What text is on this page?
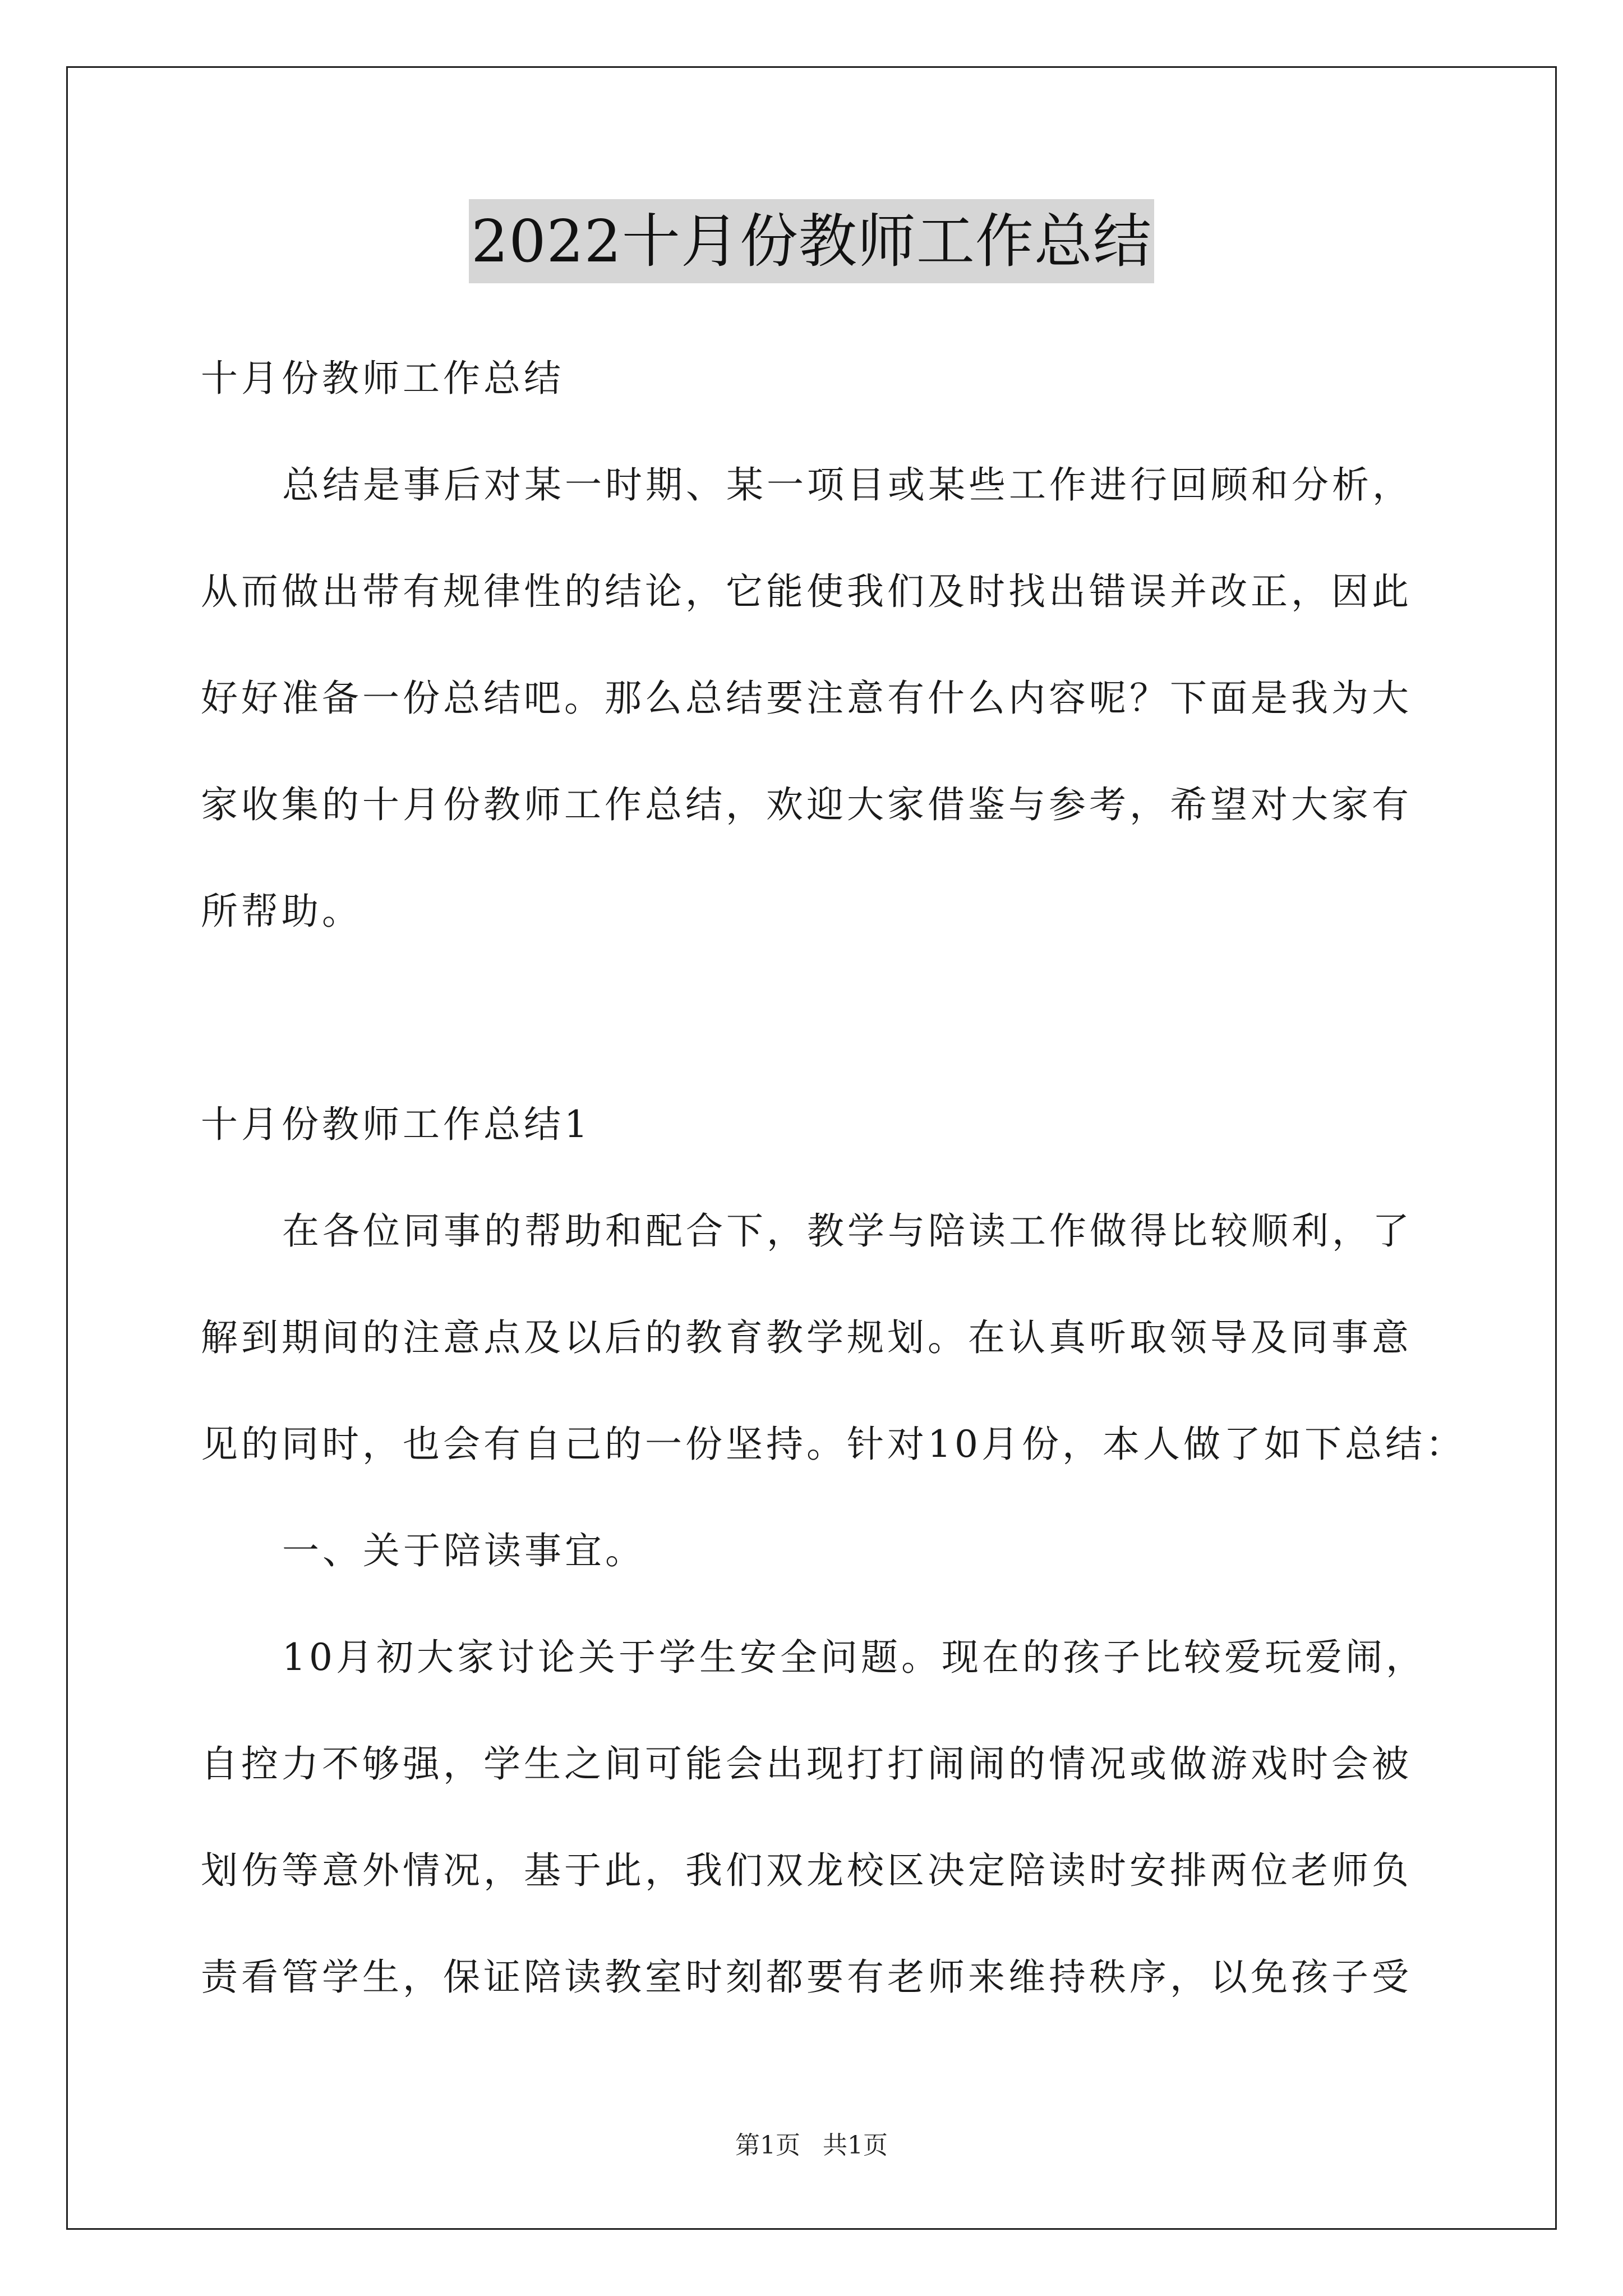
2022十月份教师工作总结
十月份教师工作总结
总结是事后对某一时期、某一项目或某些工作进行回顾和分析，
从而做出带有规律性的结论，它能使我们及时找出错误并改正，因此
好好准备一份总结吧。那么总结要注意有什么内容呢？下面是我为大
家收集的十月份教师工作总结，欢迎大家借鉴与参考，希望对大家有
所帮助。
十月份教师工作总结1
在各位同事的帮助和配合下，教学与陪读工作做得比较顺利，了
解到期间的注意点及以后的教育教学规划。在认真听取领导及同事意
见的同时，也会有自己的一份坚持。针对10月份，本人做了如下总结：
一、关于陪读事宜。
10月初大家讨论关于学生安全问题。现在的孩子比较爱玩爱闹，
自控力不够强，学生之间可能会出现打打闹闹的情况或做游戏时会被
划伤等意外情况，基于此，我们双龙校区决定陪读时安排两位老师负
责看管学生，保证陪读教室时刻都要有老师来维持秩序，以免孩子受
第1页 共1页
